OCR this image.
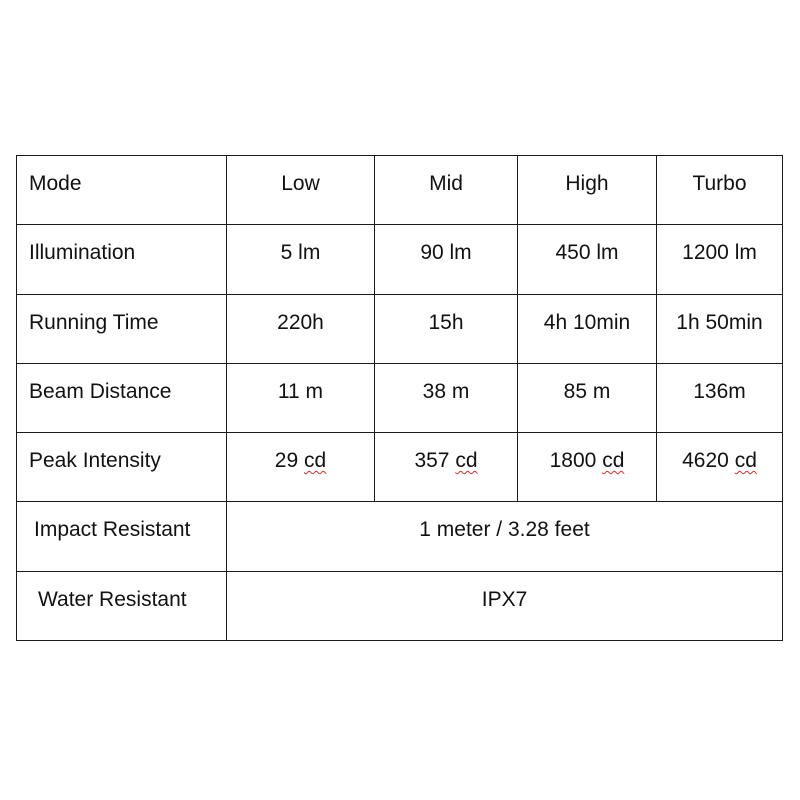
Mode	Low	Mid	High	Turbo

Illumination	5 lm	90 lm	450 lm	1200 lm

Running Time	220h	15h	4h 10min	1h 50min

Beam Distance	11 m	38 m	85 m	136m

Peak Intensity	29 cd	357 cd	1800 cd	4620 cd

Impact Resistant	1 meter / 3.28 feet			

Water Resistant	IPX7			
